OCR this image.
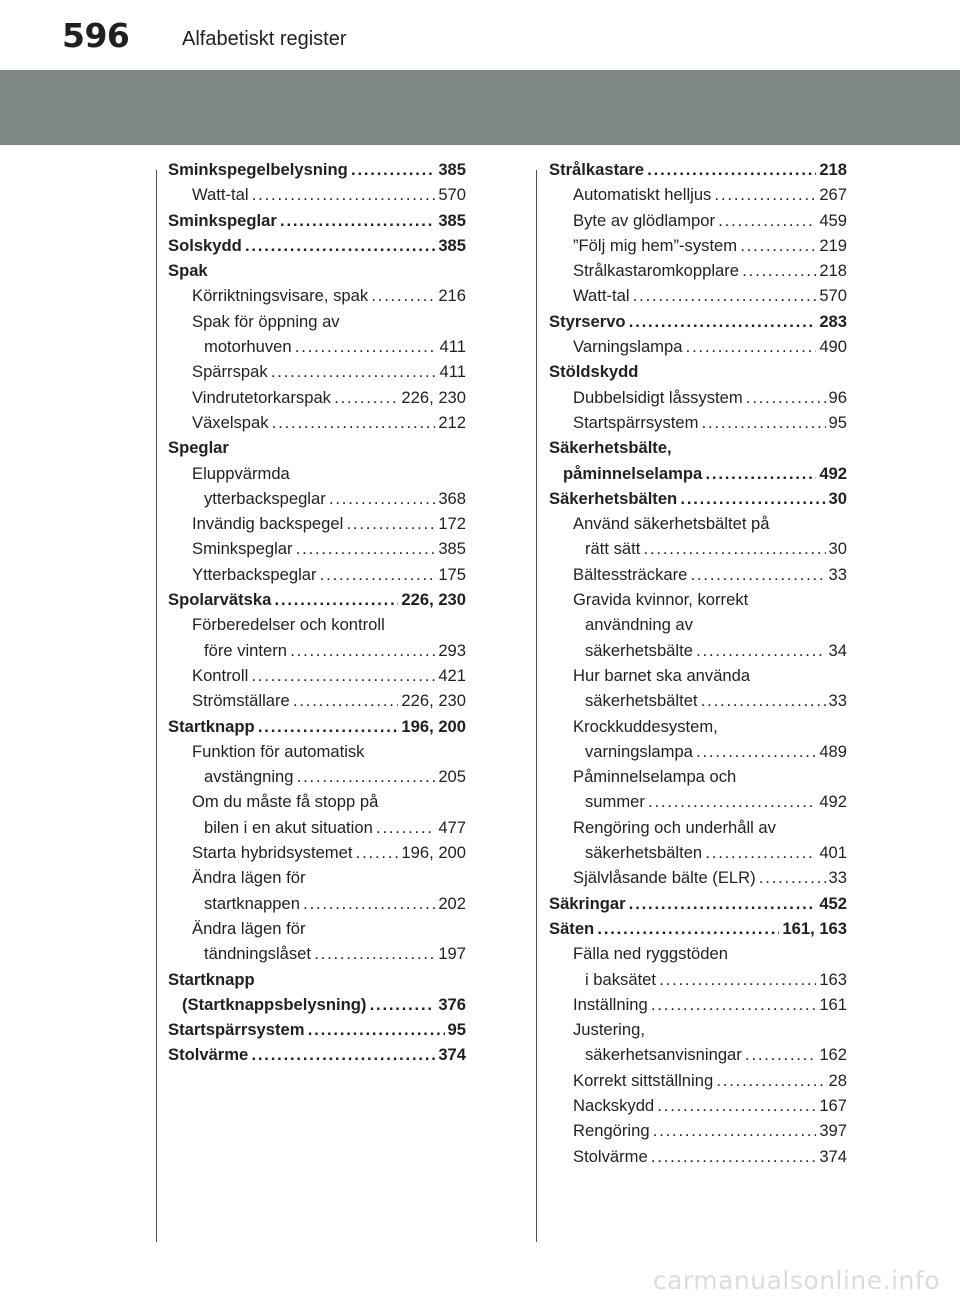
596	Alfabetiskt register
Sminkspegelbelysning	385
. . .
Watt-tal	570
. . .
Sminkspeglar	385
. . .
Solskydd	385
. . .
Spak
Körriktningsvisare, spak	216
. . .
Spak för öppning av
motorhuven	411
. . .
Spärrspak	411
. . .
Vindrutetorkarspak	226, 230
. . .
Växelspak	212
. . .
Speglar
Eluppvärmda
ytterbackspeglar	368
. . .
Invändig backspegel	172
. . .
Sminkspeglar	385
. . .
Ytterbackspeglar	175
. . .
Spolarvätska	226, 230
. . .
Förberedelser och kontroll
före vintern	293
. . .
Kontroll	421
. . .
Strömställare	226, 230
. . .
Startknapp	196, 200
. . .
Funktion för automatisk
avstängning	205
. . .
Om du måste få stopp på
bilen i en akut situation	477
. . .
Starta hybridsystemet	196, 200
. . .
Ändra lägen för
startknappen	202
. . .
Ändra lägen för
tändningslåset	197
. . .
Startknapp
(Startknappsbelysning)	376
. . .
Startspärrsystem	95
. . .
Stolvärme	374
. . .
Strålkastare	218
. . .
Automatiskt helljus	267
. . .
Byte av glödlampor	459
. . .
”Följ mig hem”-system	219
. . .
Strålkastaromkopplare	218
. . .
Watt-tal	570
. . .
Styrservo	283
. . .
Varningslampa	490
. . .
Stöldskydd
Dubbelsidigt låssystem	96
. . .
Startspärrsystem	95
. . .
Säkerhetsbälte,
påminnelselampa	492
. . .
Säkerhetsbälten	30
. . .
Använd säkerhetsbältet på
rätt sätt	30
. . .
Bältessträckare	33
. . .
Gravida kvinnor, korrekt
användning av
säkerhetsbälte	34
. . .
Hur barnet ska använda
säkerhetsbältet	33
. . .
Krockkuddesystem,
varningslampa	489
. . .
Påminnelselampa och
summer	492
. . .
Rengöring och underhåll av
säkerhetsbälten	401
. . .
Självlåsande bälte (ELR)	33
. . .
Säkringar	452
. . .
Säten	161, 163
. . .
Fälla ned ryggstöden
i baksätet	163
. . .
Inställning	161
. . .
Justering,
säkerhetsanvisningar	162
. . .
Korrekt sittställning	28
. . .
Nackskydd	167
. . .
Rengöring	397
. . .
Stolvärme	374
. . .
carmanualsonline.info
